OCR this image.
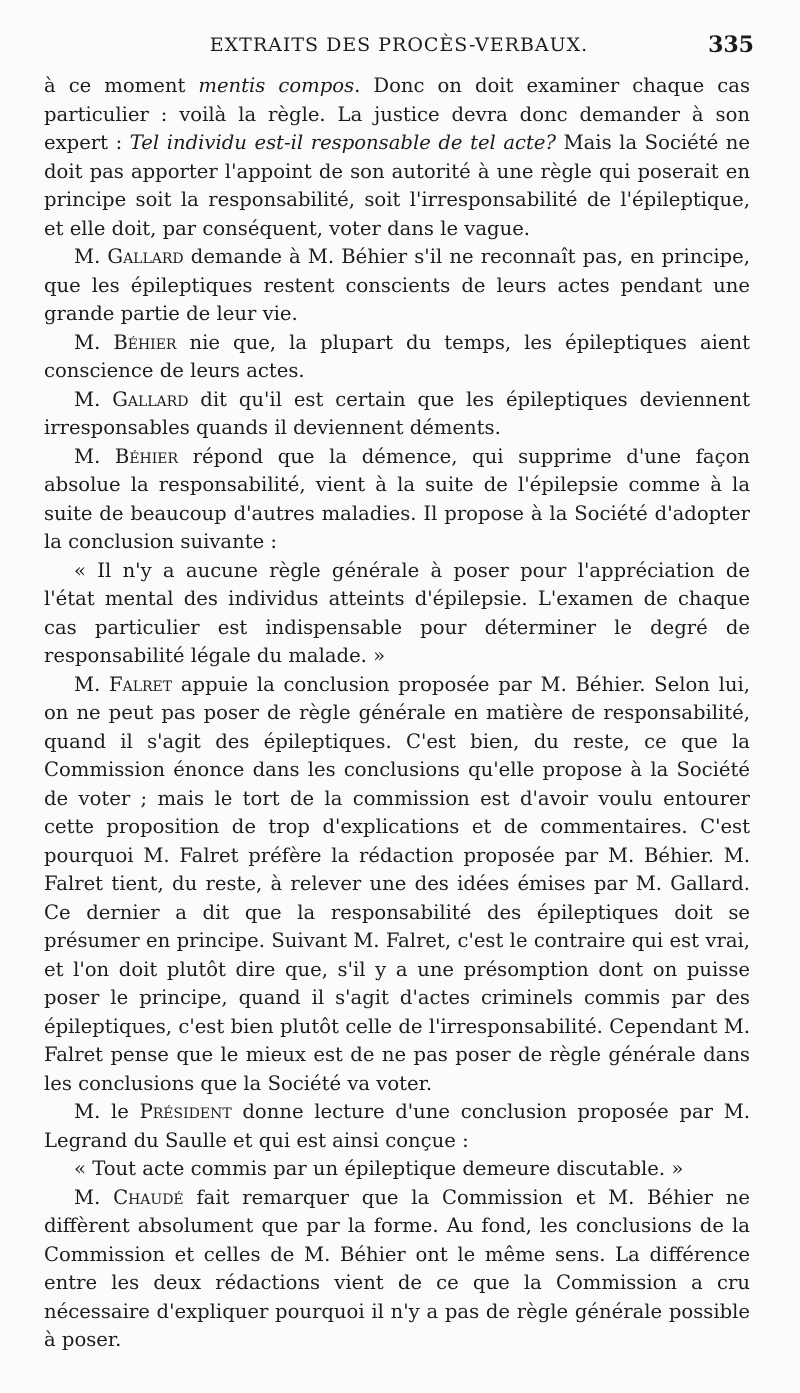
EXTRAITS DES PROCÈS-VERBAUX.	335

à ce moment mentis compos. Donc on doit examiner chaque cas particulier : voilà la règle. La justice devra donc demander à son expert : Tel individu est-il responsable de tel acte? Mais la Société ne doit pas apporter l'appoint de son autorité à une règle qui poserait en principe soit la responsabilité, soit l'irresponsabilité de l'épileptique, et elle doit, par conséquent, voter dans le vague.

M. Gallard demande à M. Béhier s'il ne reconnaît pas, en principe, que les épileptiques restent conscients de leurs actes pendant une grande partie de leur vie.

M. Béhier nie que, la plupart du temps, les épileptiques aient conscience de leurs actes.

M. Gallard dit qu'il est certain que les épileptiques deviennent irresponsables quands il deviennent déments.

M. Béhier répond que la démence, qui supprime d'une façon absolue la responsabilité, vient à la suite de l'épilepsie comme à la suite de beaucoup d'autres maladies. Il propose à la Société d'adopter la conclusion suivante :

« Il n'y a aucune règle générale à poser pour l'appréciation de l'état mental des individus atteints d'épilepsie. L'examen de chaque cas particulier est indispensable pour déterminer le degré de responsabilité légale du malade. »

M. Falret appuie la conclusion proposée par M. Béhier. Selon lui, on ne peut pas poser de règle générale en matière de responsabilité, quand il s'agit des épileptiques. C'est bien, du reste, ce que la Commission énonce dans les conclusions qu'elle propose à la Société de voter ; mais le tort de la commission est d'avoir voulu entourer cette proposition de trop d'explications et de commentaires. C'est pourquoi M. Falret préfère la rédaction proposée par M. Béhier. M. Falret tient, du reste, à relever une des idées émises par M. Gallard. Ce dernier a dit que la responsabilité des épileptiques doit se présumer en principe. Suivant M. Falret, c'est le contraire qui est vrai, et l'on doit plutôt dire que, s'il y a une présomption dont on puisse poser le principe, quand il s'agit d'actes criminels commis par des épileptiques, c'est bien plutôt celle de l'irresponsabilité. Cependant M. Falret pense que le mieux est de ne pas poser de règle générale dans les conclusions que la Société va voter.

M. le Président donne lecture d'une conclusion proposée par M. Legrand du Saulle et qui est ainsi conçue :

« Tout acte commis par un épileptique demeure discutable. »

M. Chaudé fait remarquer que la Commission et M. Béhier ne diffèrent absolument que par la forme. Au fond, les conclusions de la Commission et celles de M. Béhier ont le même sens. La différence entre les deux rédactions vient de ce que la Commission a cru nécessaire d'expliquer pourquoi il n'y a pas de règle générale possible à poser.
